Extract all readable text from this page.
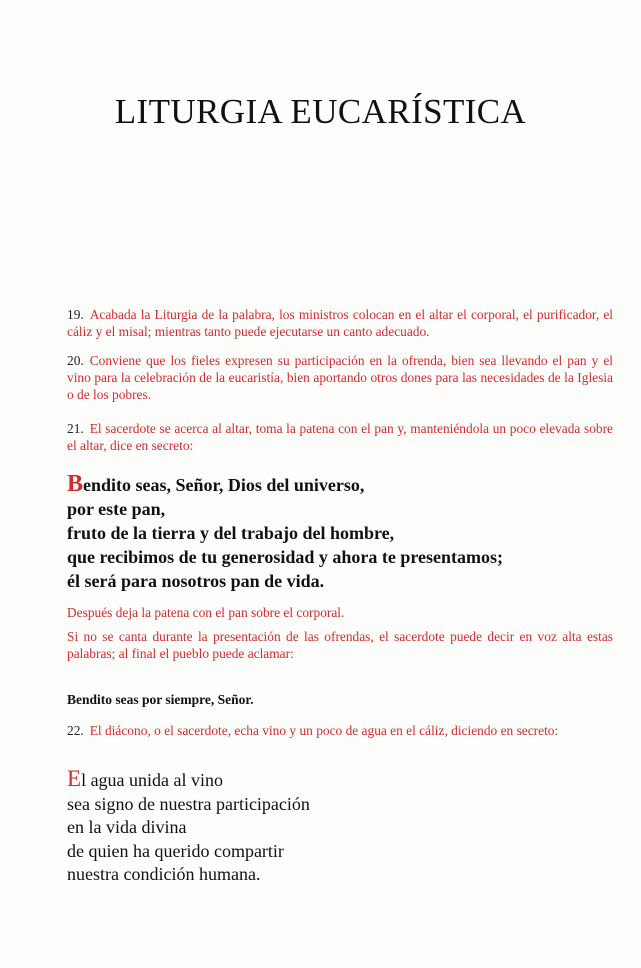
LITURGIA EUCARÍSTICA

19. Acabada la Liturgia de la palabra, los ministros colocan en el altar el corporal, el purificador, el cáliz y el misal; mientras tanto puede ejecutarse un canto adecuado.

20. Conviene que los fieles expresen su participación en la ofrenda, bien sea llevando el pan y el vino para la celebración de la eucaristía, bien aportando otros dones para las necesidades de la Iglesia o de los pobres.

21. El sacerdote se acerca al altar, toma la patena con el pan y, manteniéndola un poco elevada sobre el altar, dice en secreto:

Bendito seas, Señor, Dios del universo,
por este pan,
fruto de la tierra y del trabajo del hombre,
que recibimos de tu generosidad y ahora te presentamos;
él será para nosotros pan de vida.

Después deja la patena con el pan sobre el corporal.

Si no se canta durante la presentación de las ofrendas, el sacerdote puede decir en voz alta estas palabras; al final el pueblo puede aclamar:

Bendito seas por siempre, Señor.

22. El diácono, o el sacerdote, echa vino y un poco de agua en el cáliz, diciendo en secreto:

El agua unida al vino
sea signo de nuestra participación
en la vida divina
de quien ha querido compartir
nuestra condición humana.
